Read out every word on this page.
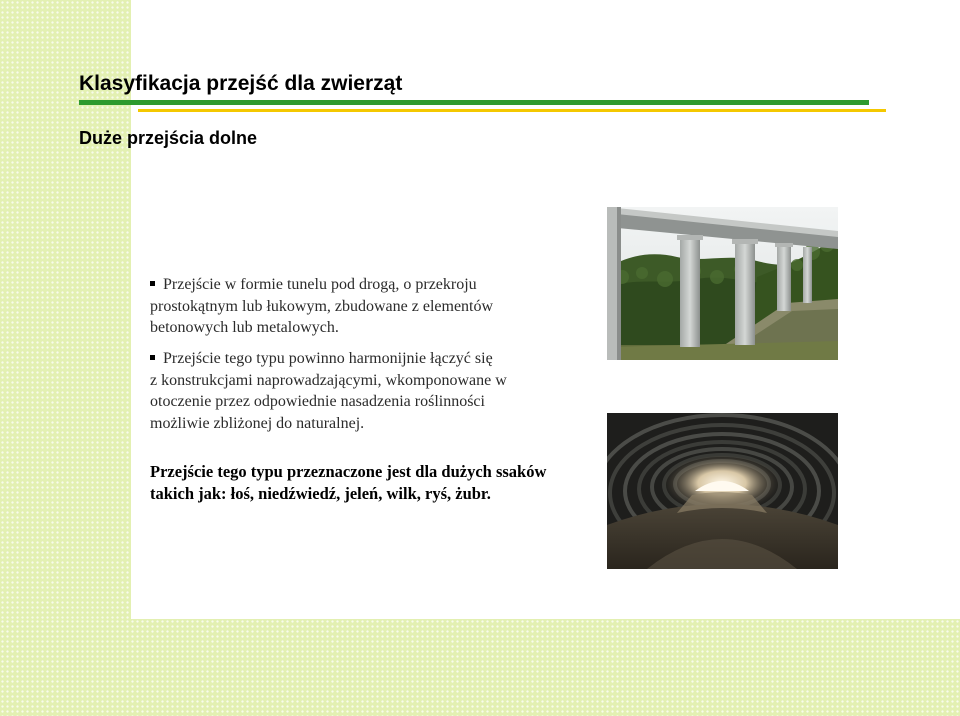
Klasyfikacja przejść dla zwierząt
Duże przejścia dolne
Przejście w formie tunelu pod drogą, o przekroju
prostokątnym lub łukowym, zbudowane z elementów
betonowych lub metalowych.
Przejście tego typu powinno harmonijnie łączyć się
z konstrukcjami naprowadzającymi, wkomponowane w
otoczenie przez odpowiednie nasadzenia roślinności
możliwie zbliżonej do naturalnej.
Przejście tego typu przeznaczone jest dla dużych ssaków
takich jak: łoś, niedźwiedź, jeleń, wilk, ryś, żubr.
